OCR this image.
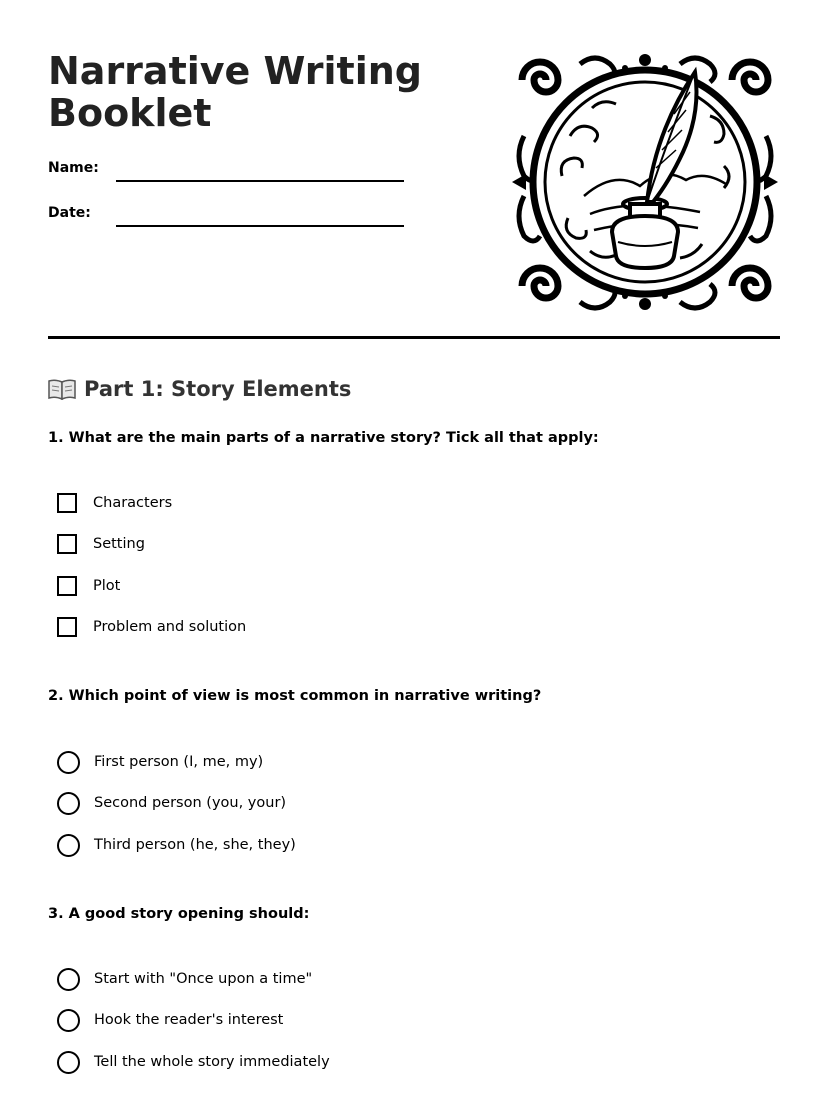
Narrative Writing Booklet
Name:
Date:
Part 1: Story Elements

1. What are the main parts of a narrative story? Tick all that apply:

Characters
Setting
Plot
Problem and solution

2. Which point of view is most common in narrative writing?

First person (I, me, my)
Second person (you, your)
Third person (he, she, they)

3. A good story opening should:

Start with "Once upon a time"
Hook the reader's interest
Tell the whole story immediately
